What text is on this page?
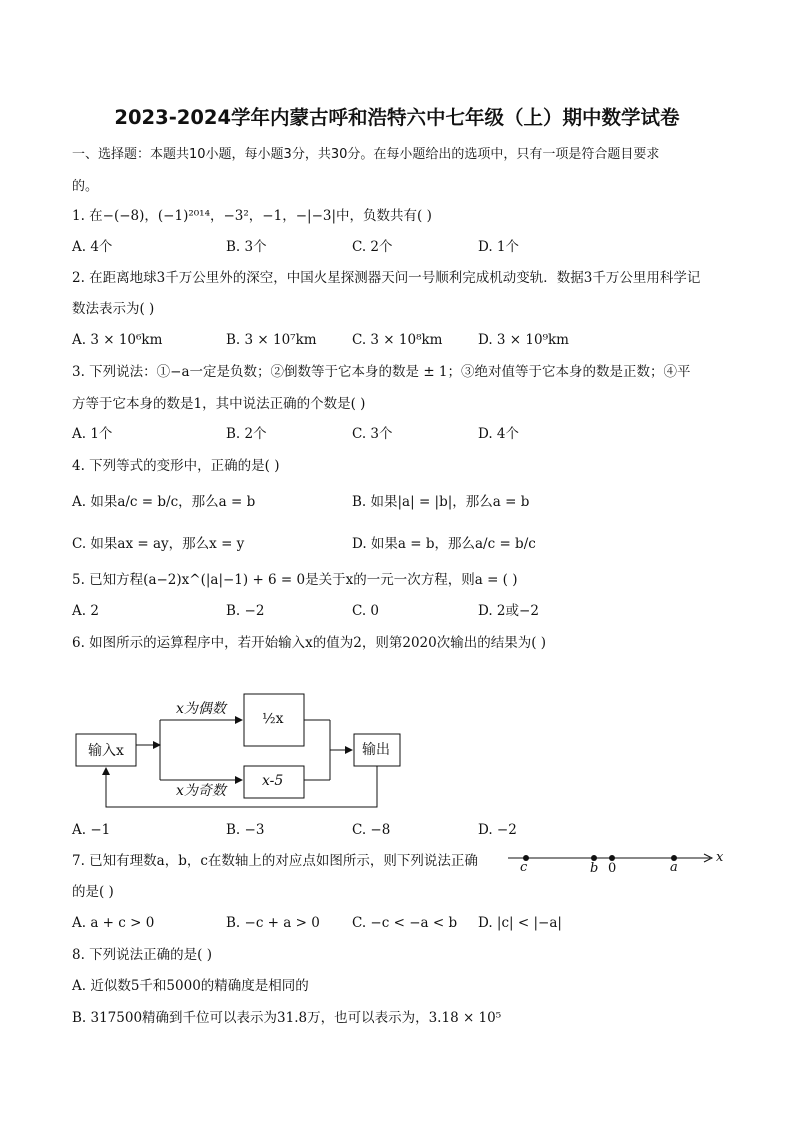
2023-2024学年内蒙古呼和浩特六中七年级（上）期中数学试卷
一、选择题：本题共10小题，每小题3分，共30分。在每小题给出的选项中，只有一项是符合题目要求
的。
1. 在−(−8)，(−1)²⁰¹⁴，−3²，−1，−|−3|中，负数共有( )
A. 4个	B. 3个	C. 2个	D. 1个
2. 在距离地球3千万公里外的深空，中国火星探测器天问一号顺利完成机动变轨．数据3千万公里用科学记
数法表示为( )
A. 3 × 10⁶km	B. 3 × 10⁷km	C. 3 × 10⁸km	D. 3 × 10⁹km
3. 下列说法：①−a一定是负数；②倒数等于它本身的数是 ± 1；③绝对值等于它本身的数是正数；④平
方等于它本身的数是1，其中说法正确的个数是( )
A. 1个	B. 2个	C. 3个	D. 4个
4. 下列等式的变形中，正确的是( )
A. 如果a/c = b/c，那么a = b	B. 如果|a| = |b|，那么a = b
C. 如果ax = ay，那么x = y	D. 如果a = b，那么a/c = b/c
5. 已知方程(a−2)x^(|a|−1) + 6 = 0是关于x的一元一次方程，则a = ( )
A. 2	B. −2	C. 0	D. 2或−2
6. 如图所示的运算程序中，若开始输入x的值为2，则第2020次输出的结果为( )
输入x
x为偶数
½x
x为奇数
x-5
输出
A. −1	B. −3	C. −8	D. −2
7. 已知有理数a，b，c在数轴上的对应点如图所示，则下列说法正确
的是( )
c	b 0	a
x
A. a + c > 0	B. −c + a > 0 C. −c < −a < b D. |c| < |−a|
8. 下列说法正确的是( )
A. 近似数5千和5000的精确度是相同的
B. 317500精确到千位可以表示为31.8万，也可以表示为，3.18 × 10⁵
